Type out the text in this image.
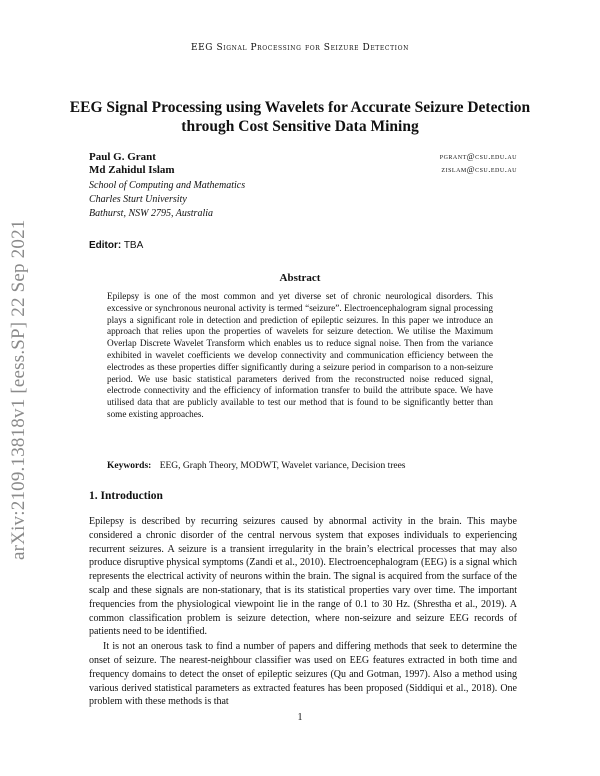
EEG Signal Processing for Seizure Detection
arXiv:2109.13818v1 [eess.SP] 22 Sep 2021
EEG Signal Processing using Wavelets for Accurate Seizure Detection through Cost Sensitive Data Mining
Paul G. Grant	pgrant@csu.edu.au
Md Zahidul Islam	zislam@csu.edu.au
School of Computing and Mathematics
Charles Sturt University
Bathurst, NSW 2795, Australia
Editor: TBA
Abstract

Epilepsy is one of the most common and yet diverse set of chronic neurological disorders. This excessive or synchronous neuronal activity is termed “seizure”. Electroencephalogram signal processing plays a significant role in detection and prediction of epileptic seizures. In this paper we introduce an approach that relies upon the properties of wavelets for seizure detection. We utilise the Maximum Overlap Discrete Wavelet Transform which enables us to reduce signal noise. Then from the variance exhibited in wavelet coefficients we develop connectivity and communication efficiency between the electrodes as these properties differ significantly during a seizure period in comparison to a non-seizure period. We use basic statistical parameters derived from the reconstructed noise reduced signal, electrode connectivity and the efficiency of information transfer to build the attribute space. We have utilised data that are publicly available to test our method that is found to be significantly better than some existing approaches.

Keywords: EEG, Graph Theory, MODWT, Wavelet variance, Decision trees
1. Introduction

Epilepsy is described by recurring seizures caused by abnormal activity in the brain. This maybe considered a chronic disorder of the central nervous system that exposes individuals to experiencing recurrent seizures. A seizure is a transient irregularity in the brain’s electrical processes that may also produce disruptive physical symptoms (Zandi et al., 2010). Electroencephalogram (EEG) is a signal which represents the electrical activity of neurons within the brain. The signal is acquired from the surface of the scalp and these signals are non-stationary, that is its statistical properties vary over time. The important frequencies from the physiological viewpoint lie in the range of 0.1 to 30 Hz. (Shrestha et al., 2019). A common classification problem is seizure detection, where non-seizure and seizure EEG records of patients need to be identified.

It is not an onerous task to find a number of papers and differing methods that seek to determine the onset of seizure. The nearest-neighbour classifier was used on EEG features extracted in both time and frequency domains to detect the onset of epileptic seizures (Qu and Gotman, 1997). Also a method using various derived statistical parameters as extracted features has been proposed (Siddiqui et al., 2018). One problem with these methods is that

1
